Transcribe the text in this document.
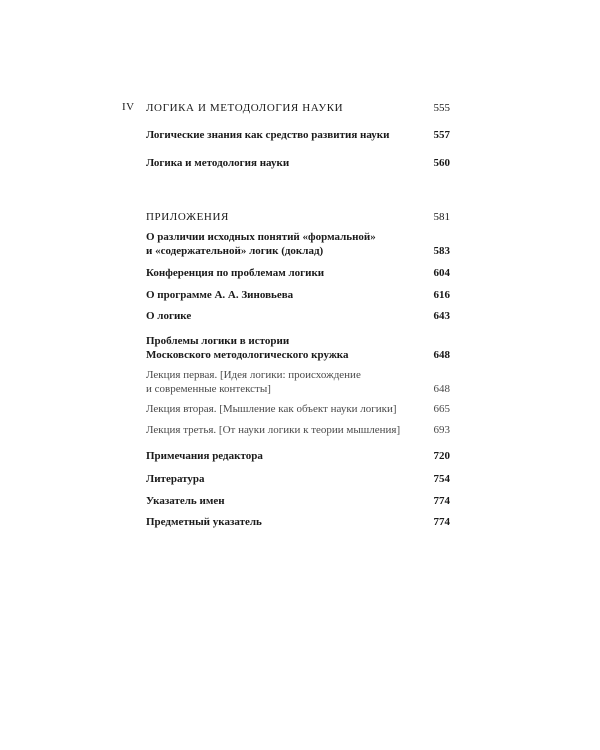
IV ЛОГИКА И МЕТОДОЛОГИЯ НАУКИ	555
Логические знания как средство развития науки	557
Логика и методология науки	560
ПРИЛОЖЕНИЯ	581
О различии исходных понятий «формальной»
и «содержательной» логик (доклад)	583
Конференция по проблемам логики	604
О программе А. А. Зиновьева	616
О логике	643
Проблемы логики в истории
Московского методологического кружка	648
Лекция первая. [Идея логики: происхождение
и современные контексты]	648
Лекция вторая. [Мышление как объект науки логики]	665
Лекция третья. [От науки логики к теории мышления]	693
Примечания редактора	720
Литература	754
Указатель имен	774
Предметный указатель	774
